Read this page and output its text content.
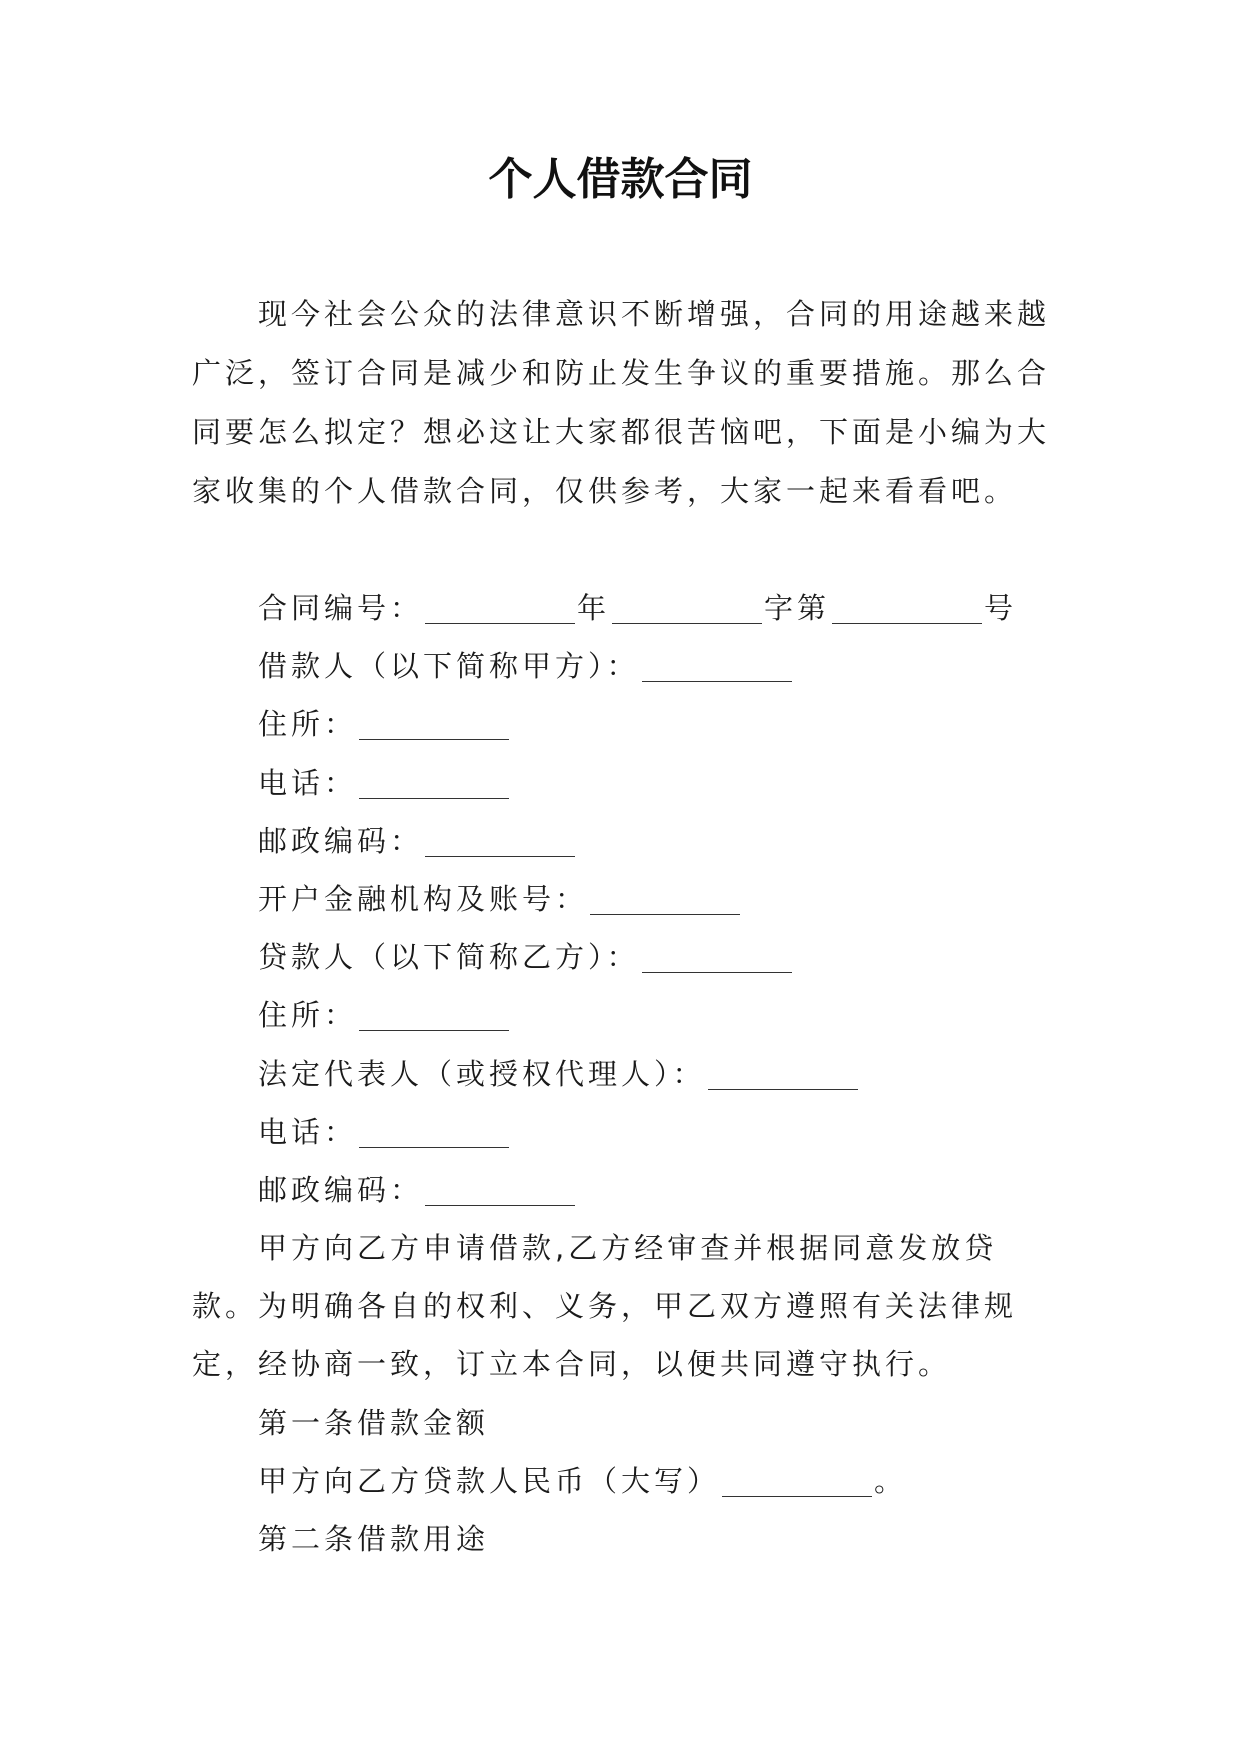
个人借款合同

现今社会公众的法律意识不断增强，合同的用途越来越广泛，签订合同是减少和防止发生争议的重要措施。那么合同要怎么拟定？想必这让大家都很苦恼吧，下面是小编为大家收集的个人借款合同，仅供参考，大家一起来看看吧。

合同编号：	年	字第	号
借款人（以下简称甲方）：
住所：
电话：
邮政编码：
开户金融机构及账号：
贷款人（以下简称乙方）：
住所：
法定代表人（或授权代理人）：
电话：
邮政编码：

甲方向乙方申请借款,乙方经审查并根据同意发放贷款。为明确各自的权利、义务，甲乙双方遵照有关法律规定，经协商一致，订立本合同，以便共同遵守执行。

第一条借款金额
甲方向乙方贷款人民币（大写）	。
第二条借款用途
